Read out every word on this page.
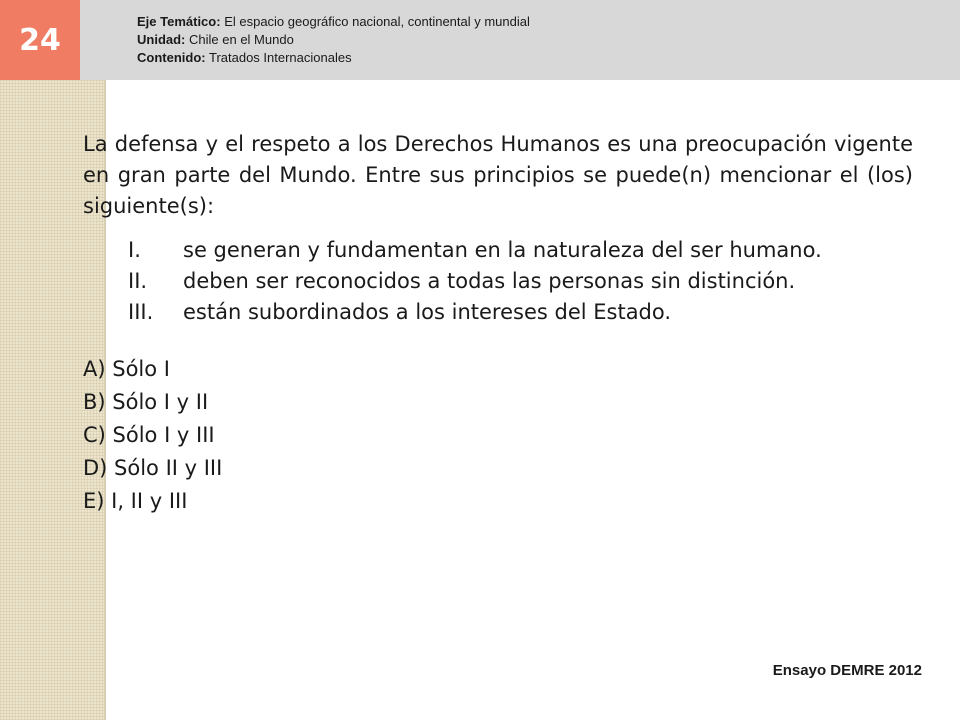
24
Eje Temático: El espacio geográfico nacional, continental y mundial
Unidad: Chile en el Mundo
Contenido: Tratados Internacionales

La defensa y el respeto a los Derechos Humanos es una preocupación vigente en gran parte del Mundo. Entre sus principios se puede(n) mencionar el (los) siguiente(s):

I.	se generan y fundamentan en la naturaleza del ser humano.
II.	deben ser reconocidos a todas las personas sin distinción.
III.	están subordinados a los intereses del Estado.
A) Sólo I
B) Sólo I y II
C) Sólo I y III
D) Sólo II y III
E) I, II y III
Ensayo DEMRE 2012
